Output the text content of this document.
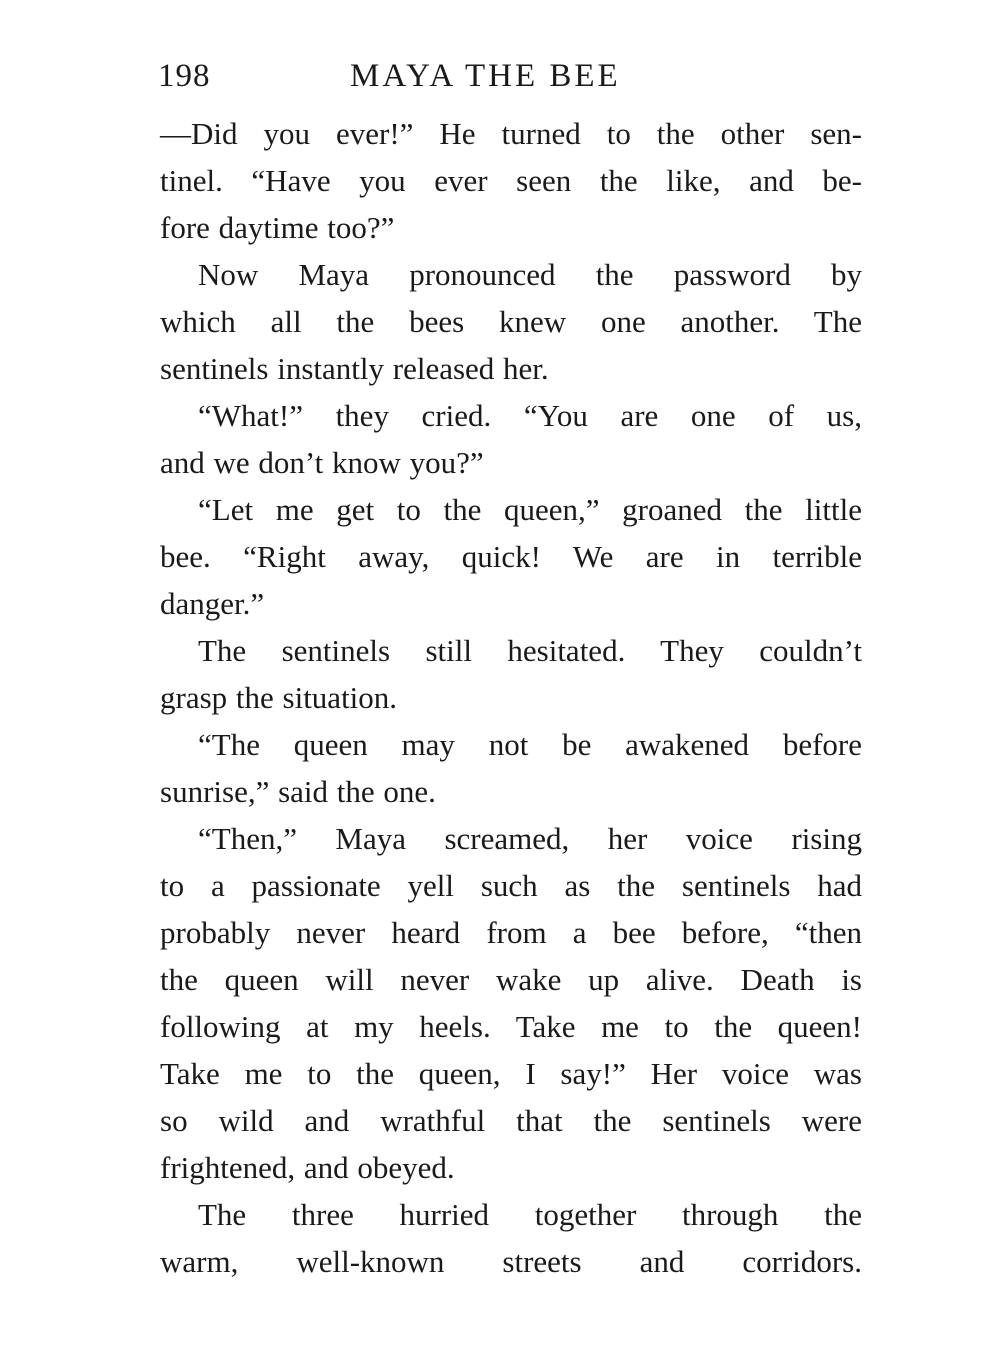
198	MAYA THE BEE
—Did you ever!” He turned to the other sen-
tinel. “Have you ever seen the like, and be-
fore daytime too?”
Now Maya pronounced the password by
which all the bees knew one another. The
sentinels instantly released her.
“What!” they cried. “You are one of us,
and we don’t know you?”
“Let me get to the queen,” groaned the little
bee. “Right away, quick! We are in terrible
danger.”
The sentinels still hesitated. They couldn’t
grasp the situation.
“The queen may not be awakened before
sunrise,” said the one.
“Then,” Maya screamed, her voice rising
to a passionate yell such as the sentinels had
probably never heard from a bee before, “then
the queen will never wake up alive. Death is
following at my heels. Take me to the queen!
Take me to the queen, I say!” Her voice was
so wild and wrathful that the sentinels were
frightened, and obeyed.
The three hurried together through the
warm, well-known streets and corridors.
